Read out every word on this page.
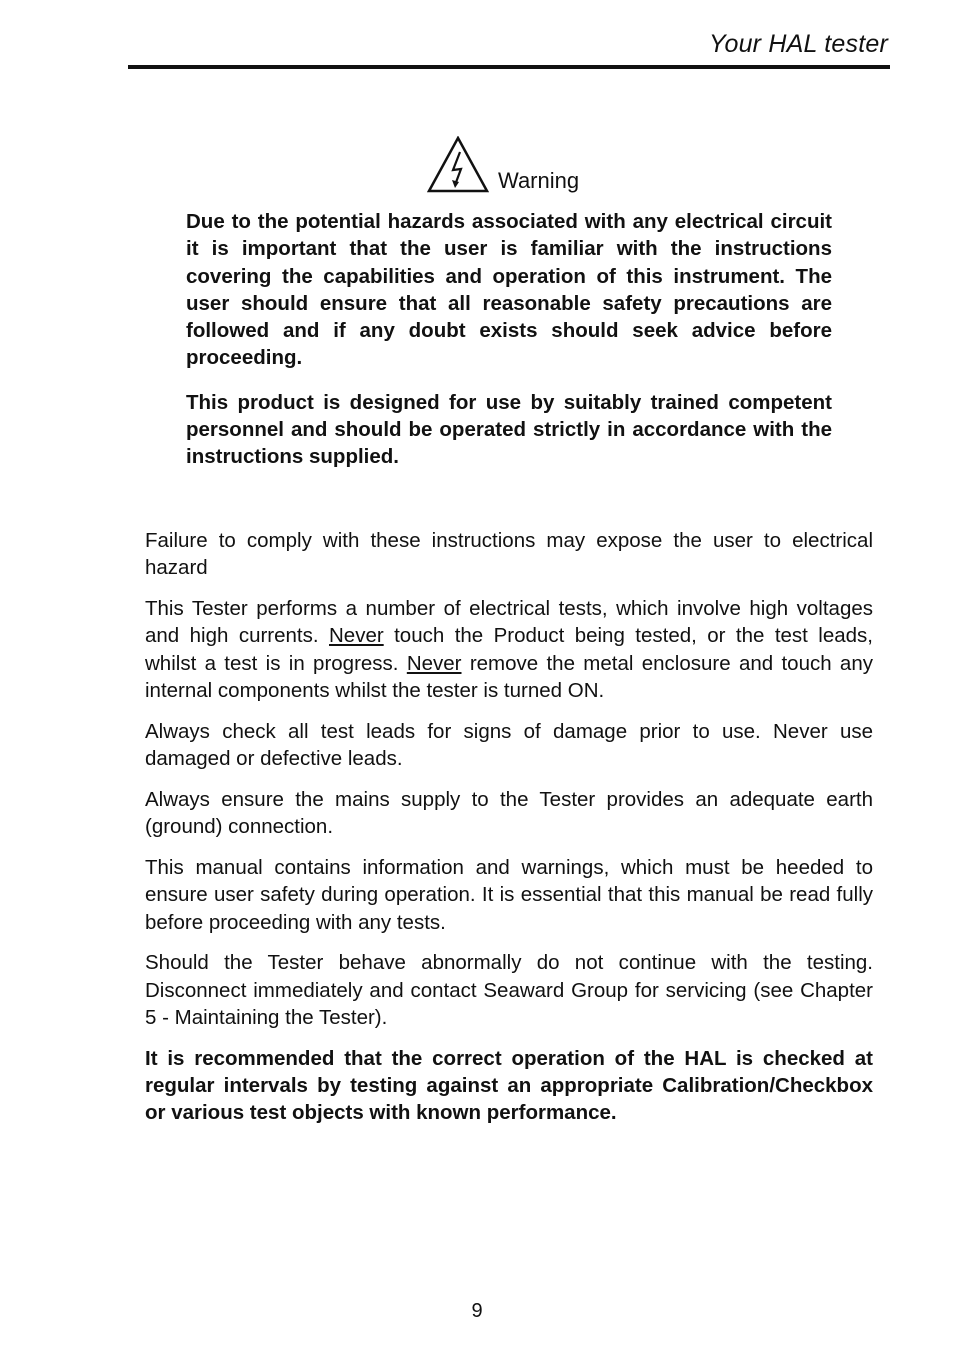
Your HAL tester
Warning

Due to the potential hazards associated with any electrical circuit it is important that the user is familiar with the instructions covering the capabilities and operation of this instrument. The user should ensure that all reasonable safety precautions are followed and if any doubt exists should seek advice before proceeding.

This product is designed for use by suitably trained competent personnel and should be operated strictly in accordance with the instructions supplied.

Failure to comply with these instructions may expose the user to electrical hazard

This Tester performs a number of electrical tests, which involve high voltages and high currents. Never touch the Product being tested, or the test leads, whilst a test is in progress. Never remove the metal enclosure and touch any internal components whilst the tester is turned ON.

Always check all test leads for signs of damage prior to use. Never use damaged or defective leads.

Always ensure the mains supply to the Tester provides an adequate earth (ground) connection.

This manual contains information and warnings, which must be heeded to ensure user safety during operation. It is essential that this manual be read fully before proceeding with any tests.

Should the Tester behave abnormally do not continue with the testing. Disconnect immediately and contact Seaward Group for servicing (see Chapter 5 - Maintaining the Tester).

It is recommended that the correct operation of the HAL is checked at regular intervals by testing against an appropriate Calibration/Checkbox or various test objects with known performance.

9
